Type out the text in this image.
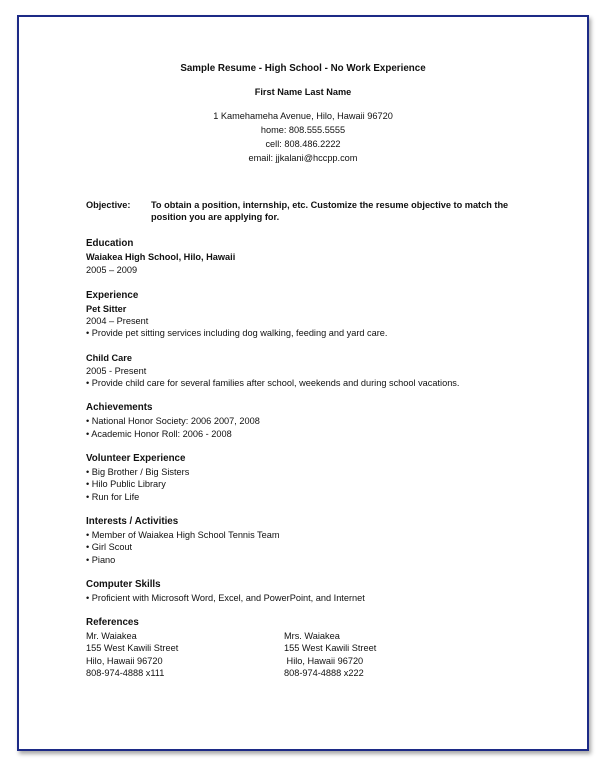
Sample Resume - High School - No Work Experience
First Name Last Name
1 Kamehameha Avenue, Hilo, Hawaii 96720
home: 808.555.5555
cell: 808.486.2222
email: jjkalani@hccpp.com
Objective: To obtain a position, internship, etc. Customize the resume objective to match the position you are applying for.
Education
Waiakea High School, Hilo, Hawaii
2005 – 2009
Experience
Pet Sitter
2004 – Present
• Provide pet sitting services including dog walking, feeding and yard care.
Child Care
2005 - Present
• Provide child care for several families after school, weekends and during school vacations.
Achievements
• National Honor Society: 2006 2007, 2008
• Academic Honor Roll: 2006 - 2008
Volunteer Experience
• Big Brother / Big Sisters
• Hilo Public Library
• Run for Life
Interests / Activities
• Member of Waiakea High School Tennis Team
• Girl Scout
• Piano
Computer Skills
• Proficient with Microsoft Word, Excel, and PowerPoint, and Internet
References
Mr. Waiakea
155 West Kawili Street
Hilo, Hawaii 96720
808-974-4888 x111
Mrs. Waiakea
155 West Kawili Street
Hilo, Hawaii 96720
808-974-4888 x222
